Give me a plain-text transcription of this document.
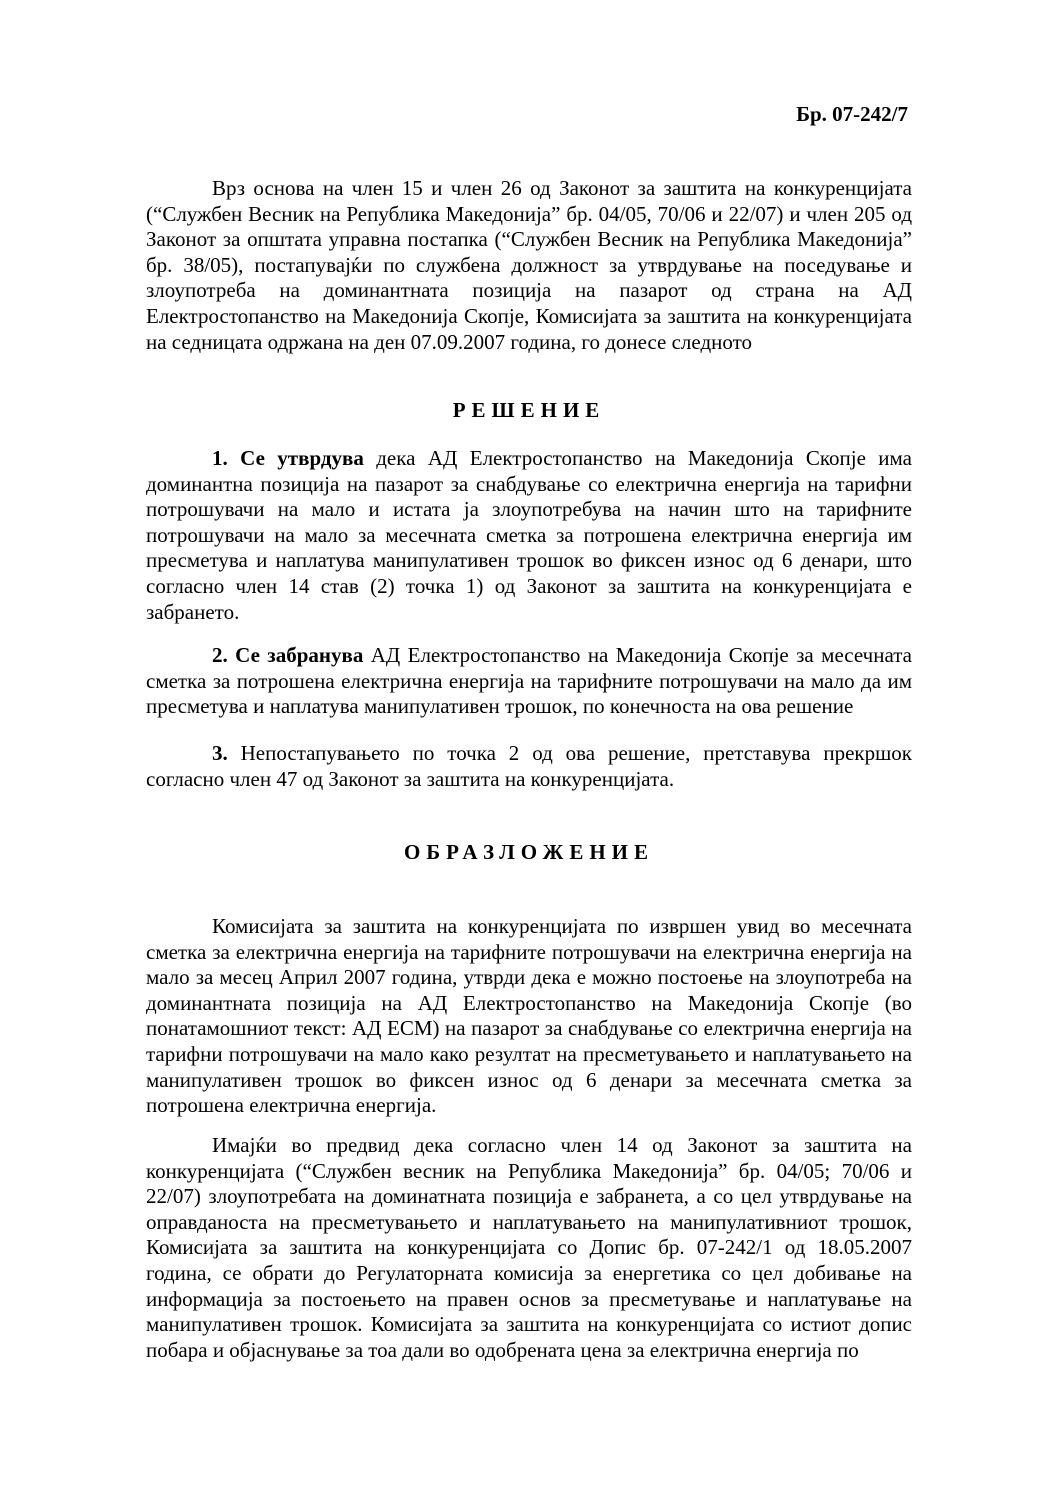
Бр. 07-242/7
Врз основа на член 15 и член 26 од Законот за заштита на конкуренцијата (“Службен Весник на Република Македонија” бр. 04/05, 70/06 и 22/07) и член 205 од Законот за општата управна постапка (“Службен Весник на Република Македонија” бр. 38/05), постапувајќи по службена должност за утврдување на поседување и злоупотреба на доминантната позиција на пазарот од страна на АД Електростопанство на Македонија Скопје, Комисијата за заштита на конкуренцијата на седницата одржана на ден 07.09.2007 година, го донесе следното
РЕШЕНИЕ
1. Се утврдува дека АД Електростопанство на Македонија Скопје има доминантна позиција на пазарот за снабдување со електрична енергија на тарифни потрошувачи на мало и истата ја злоупотребува на начин што на тарифните потрошувачи на мало за месечната сметка за потрошена електрична енергија им пресметува и наплатува манипулативен трошок во фиксен износ од 6 денари, што согласно член 14 став (2) точка 1) од Законот за заштита на конкуренцијата е забрането.
2. Се забранува АД Електростопанство на Македонија Скопје за месечната сметка за потрошена електрична енергија на тарифните потрошувачи на мало да им пресметува и наплатува манипулативен трошок, по конечноста на ова решение
3. Непостапувањето по точка 2 од ова решение, претставува прекршок согласно член 47 од Законот за заштита на конкуренцијата.
ОБРАЗЛОЖЕНИЕ
Комисијата за заштита на конкуренцијата по извршен увид во месечната сметка за електрична енергија на тарифните потрошувачи на електрична енергија на мало за месец Април 2007 година, утврди дека е можно постоење на злоупотреба на доминантната позиција на АД Електростопанство на Македонија Скопје (во понатамошниот текст: АД ЕСМ) на пазарот за снабдување со електрична енергија на тарифни потрошувачи на мало како резултат на пресметувањето и наплатувањето на манипулативен трошок во фиксен износ од 6 денари за месечната сметка за потрошена електрична енергија.
Имајќи во предвид дека согласно член 14 од Законот за заштита на конкуренцијата (“Службен весник на Република Македонија” бр. 04/05; 70/06 и 22/07) злоупотребата на доминатната позиција е забранета, а со цел утврдување на оправданоста на пресметувањето и наплатувањето на манипулативниот трошок, Комисијата за заштита на конкуренцијата со Допис бр. 07-242/1 од 18.05.2007 година, се обрати до Регулаторната комисија за енергетика со цел добивање на информација за постоењето на правен основ за пресметување и наплатување на манипулативен трошок. Комисијата за заштита на конкуренцијата со истиот допис побара и објаснување за тоа дали во одобрената цена за електрична енергија по
